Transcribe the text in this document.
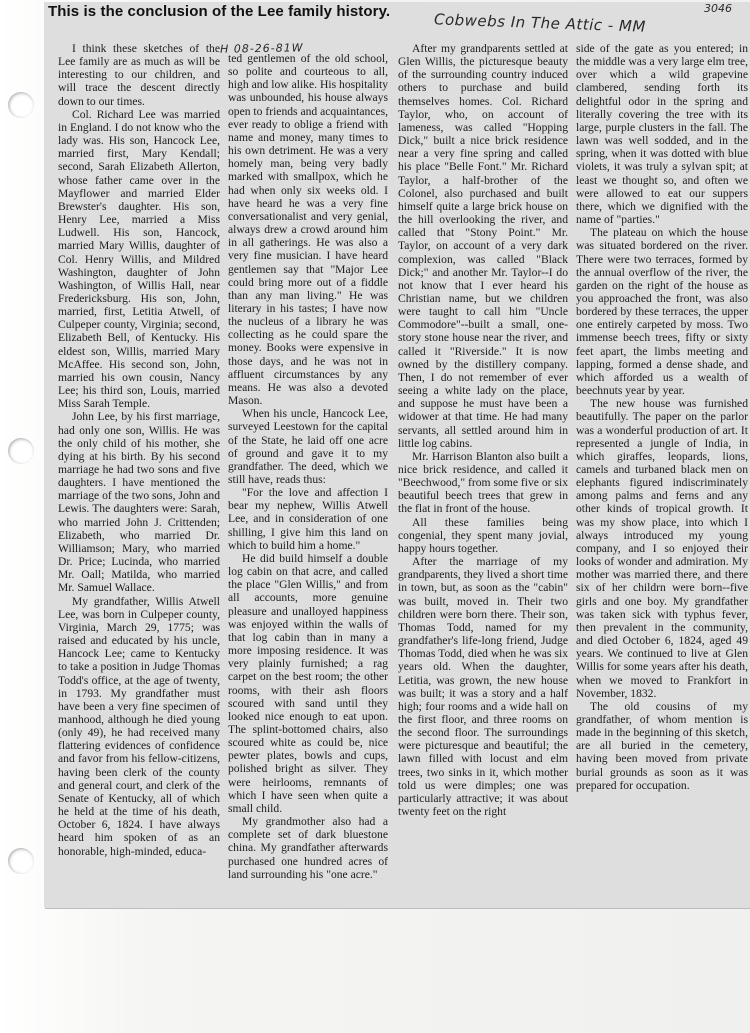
This is the conclusion of the Lee family history.	Cobwebs In The Attic - MM
H 08-26-81W
3046

I think these sketches of the Lee family are as much as will be interesting to our children, and will trace the descent directly down to our times.

Col. Richard Lee was married in England. I do not know who the lady was. His son, Hancock Lee, married first, Mary Kendall; second, Sarah Elizabeth Allerton, whose father came over in the Mayflower and married Elder Brewster's daughter. His son, Henry Lee, married a Miss Ludwell. His son, Hancock, married Mary Willis, daughter of Col. Henry Willis, and Mildred Washington, daughter of John Washington, of Willis Hall, near Fredericksburg. His son, John, married, first, Letitia Atwell, of Culpeper county, Virginia; second, Elizabeth Bell, of Kentucky. His eldest son, Willis, married Mary McAffee. His second son, John, married his own cousin, Nancy Lee; his third son, Louis, married Miss Sarah Temple.

John Lee, by his first marriage, had only one son, Willis. He was the only child of his mother, she dying at his birth. By his second marriage he had two sons and five daughters. I have mentioned the marriage of the two sons, John and Lewis. The daughters were: Sarah, who married John J. Crittenden; Elizabeth, who married Dr. Williamson; Mary, who married Dr. Price; Lucinda, who married Mr. Oall; Matilda, who married Mr. Samuel Wallace.

My grandfather, Willis Atwell Lee, was born in Culpeper county, Virginia, March 29, 1775; was raised and educated by his uncle, Hancock Lee; came to Kentucky to take a position in Judge Thomas Todd's office, at the age of twenty, in 1793. My grandfather must have been a very fine specimen of manhood, although he died young (only 49), he had received many flattering evidences of confidence and favor from his fellow-citizens, having been clerk of the county and general court, and clerk of the Senate of Kentucky, all of which he held at the time of his death, October 6, 1824. I have always heard him spoken of as an honorable, high-minded, educa-

ted gentlemen of the old school, so polite and courteous to all, high and low alike. His hospitality was unbounded, his house always open to friends and acquaintances, ever ready to oblige a friend with name and money, many times to his own detriment. He was a very homely man, being very badly marked with smallpox, which he had when only six weeks old. I have heard he was a very fine conversationalist and very genial, always drew a crowd around him in all gatherings. He was also a very fine musician. I have heard gentlemen say that "Major Lee could bring more out of a fiddle than any man living." He was literary in his tastes; I have now the nucleus of a library he was collecting as he could spare the money. Books were expensive in those days, and he was not in affluent circumstances by any means. He was also a devoted Mason.

When his uncle, Hancock Lee, surveyed Leestown for the capital of the State, he laid off one acre of ground and gave it to my grandfather. The deed, which we still have, reads thus:

"For the love and affection I bear my nephew, Willis Atwell Lee, and in consideration of one shilling, I give him this land on which to build him a home."

He did build himself a double log cabin on that acre, and called the place "Glen Willis," and from all accounts, more genuine pleasure and unalloyed happiness was enjoyed within the walls of that log cabin than in many a more imposing residence. It was very plainly furnished; a rag carpet on the best room; the other rooms, with their ash floors scoured with sand until they looked nice enough to eat upon. The splint-bottomed chairs, also scoured white as could be, nice pewter plates, bowls and cups, polished bright as silver. They were heirlooms, remnants of which I have seen when quite a small child.

My grandmother also had a complete set of dark bluestone china. My grandfather afterwards purchased one hundred acres of land surrounding his "one acre."

After my grandparents settled at Glen Willis, the picturesque beauty of the surrounding country induced others to purchase and build themselves homes. Col. Richard Taylor, who, on account of lameness, was called "Hopping Dick," built a nice brick residence near a very fine spring and called his place "Belle Font." Mr. Richard Taylor, a half-brother of the Colonel, also purchased and built himself quite a large brick house on the hill overlooking the river, and called that "Stony Point." Mr. Taylor, on account of a very dark complexion, was called "Black Dick;" and another Mr. Taylor--I do not know that I ever heard his Christian name, but we children were taught to call him "Uncle Commodore"--built a small, one-story stone house near the river, and called it "Riverside." It is now owned by the distillery company. Then, I do not remember of ever seeing a white lady on the place, and suppose he must have been a widower at that time. He had many servants, all settled around him in little log cabins.

Mr. Harrison Blanton also built a nice brick residence, and called it "Beechwood," from some five or six beautiful beech trees that grew in the flat in front of the house.

All these families being congenial, they spent many jovial, happy hours together.

After the marriage of my grandparents, they lived a short time in town, but, as soon as the "cabin" was built, moved in. Their two children were born there. Their son, Thomas Todd, named for my grandfather's life-long friend, Judge Thomas Todd, died when he was six years old. When the daughter, Letitia, was grown, the new house was built; it was a story and a half high; four rooms and a wide hall on the first floor, and three rooms on the second floor. The surroundings were picturesque and beautiful; the lawn filled with locust and elm trees, two sinks in it, which mother told us were dimples; one was particularly attractive; it was about twenty feet on the right

side of the gate as you entered; in the middle was a very large elm tree, over which a wild grapevine clambered, sending forth its delightful odor in the spring and literally covering the tree with its large, purple clusters in the fall. The lawn was well sodded, and in the spring, when it was dotted with blue violets, it was truly a sylvan spit; at least we thought so, and often we were allowed to eat our suppers there, which we dignified with the name of "parties."

The plateau on which the house was situated bordered on the river. There were two terraces, formed by the annual overflow of the river, the garden on the right of the house as you approached the front, was also bordered by these terraces, the upper one entirely carpeted by moss. Two immense beech trees, fifty or sixty feet apart, the limbs meeting and lapping, formed a dense shade, and which afforded us a wealth of beechnuts year by year.

The new house was furnished beautifully. The paper on the parlor was a wonderful production of art. It represented a jungle of India, in which giraffes, leopards, lions, camels and turbaned black men on elephants figured indiscriminately among palms and ferns and any other kinds of tropical growth. It was my show place, into which I always introduced my young company, and I so enjoyed their looks of wonder and admiration. My mother was married there, and there six of her childrn were born--five girls and one boy. My grandfather was taken sick with typhus fever, then prevalent in the community, and died October 6, 1824, aged 49 years. We continued to live at Glen Willis for some years after his death, when we moved to Frankfort in November, 1832.

The old cousins of my grandfather, of whom mention is made in the beginning of this sketch, are all buried in the cemetery, having been moved from private burial grounds as soon as it was prepared for occupation.
